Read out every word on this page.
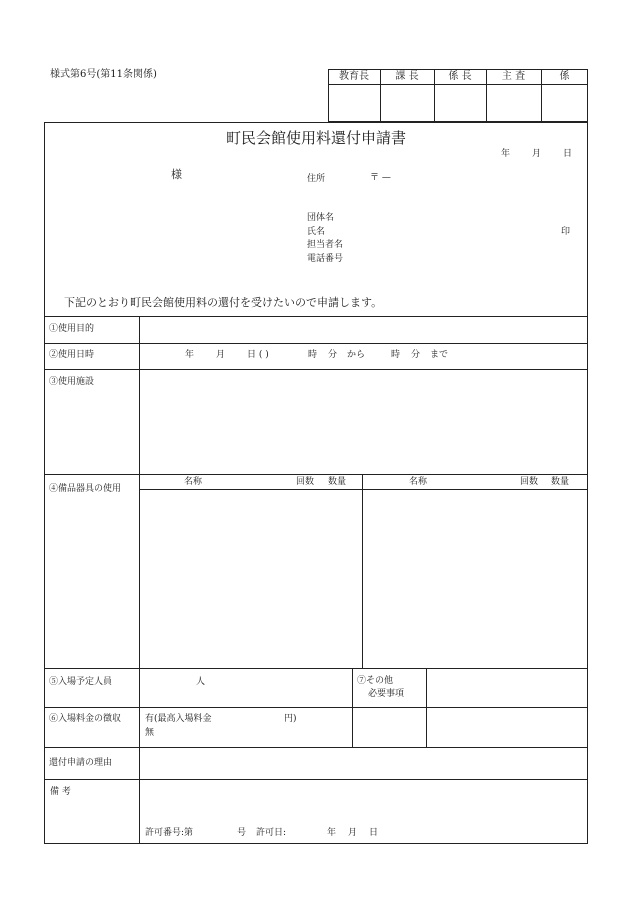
様式第6号(第11条関係)	教育長	課 長	係 長	主 査	係
町民会館使用料還付申請書
年 月 日
様	住所	〒 —
団体名
氏名	印
担当者名
電話番号
下記のとおり町民会館使用料の還付を受けたいので申請します。
①使用目的
②使用日時	年 月 日 ( )	時 分 から	時 分 まで
③使用施設
④備品器具の使用
名称	回数 数量	名称	回数 数量
⑤入場予定人員	人	⑦その他
必要事項
⑥入場料金の徴収	有(最高入場料金	円)
無
還付申請の理由
備 考
許可番号:第	号 許可日:	年 月 日
